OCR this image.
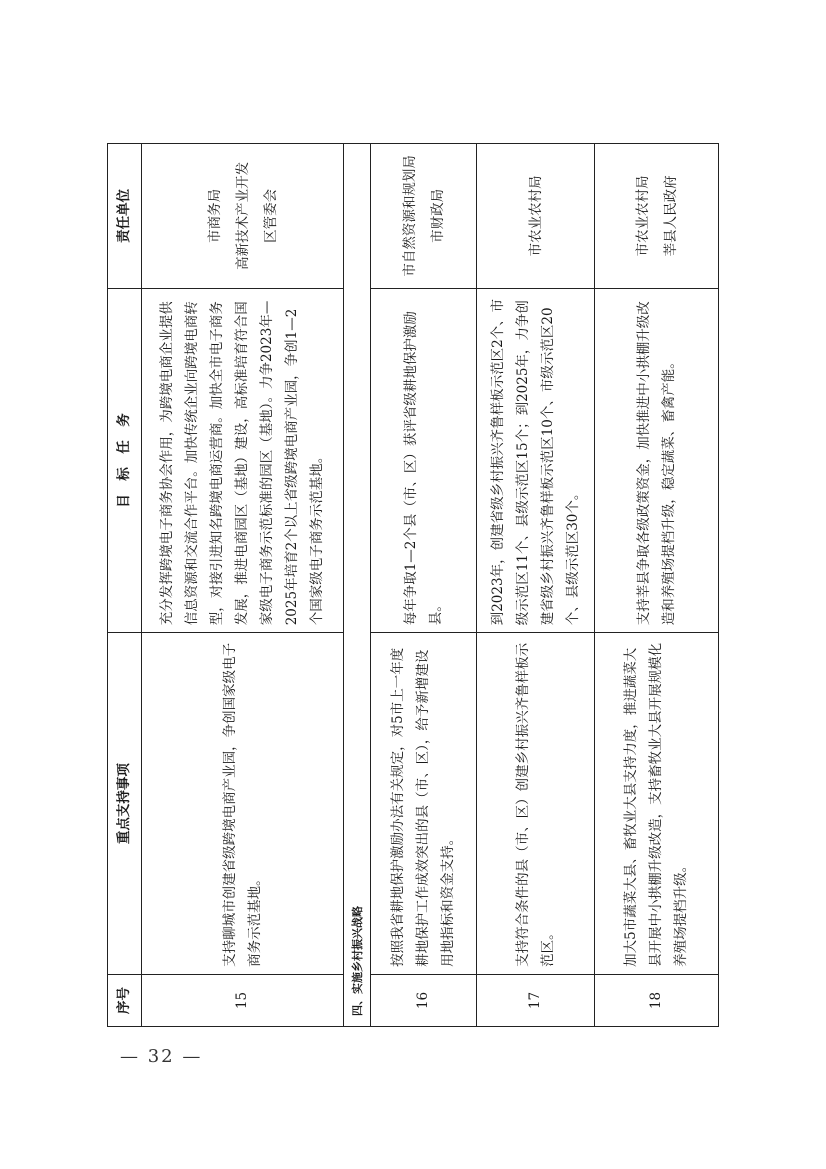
序号	重点支持事项	目　标　任　务	责任单位
15	支持聊城市创建省级跨境电商产业园，争创国家级电子商务示范基地。	充分发挥跨境电子商务协会作用，为跨境电商企业提供信息资源和交流合作平台。加快传统企业向跨境电商转型，对接引进知名跨境电商运营商。加快全市电子商务发展，推进电商园区（基地）建设，高标准培育符合国家级电子商务示范标准的园区（基地）。力争2023年—2025年培育2个以上省级跨境电商产业园，争创1—2个国家级电子商务示范基地。	市商务局 高新技术产业开发 区管委会

四、实施乡村振兴战略			
16	按照我省耕地保护激励办法有关规定，对5市上一年度耕地保护工作成效突出的县（市、区），给予新增建设用地指标和资金支持。	每年争取1—2个县（市、区）获评省级耕地保护激励县。	市自然资源和规划局 市财政局

17	支持符合条件的县（市、区）创建乡村振兴齐鲁样板示范区。	到2023年，创建省级乡村振兴齐鲁样板示范区2个、市级示范区11个、县级示范区15个；到2025年，力争创建省级乡村振兴齐鲁样板示范区10个、市级示范区20个、县级示范区30个。	市农业农村局

18	加大5市蔬菜大县、畜牧业大县支持力度，推进蔬菜大县开展中小拱棚升级改造，支持畜牧业大县开展规模化养殖场提档升级。	支持莘县争取各级政策资金，加快推进中小拱棚升级改造和养殖场提档升级，稳定蔬菜、畜禽产能。	市农业农村局 莘县人民政府
— 32 —
